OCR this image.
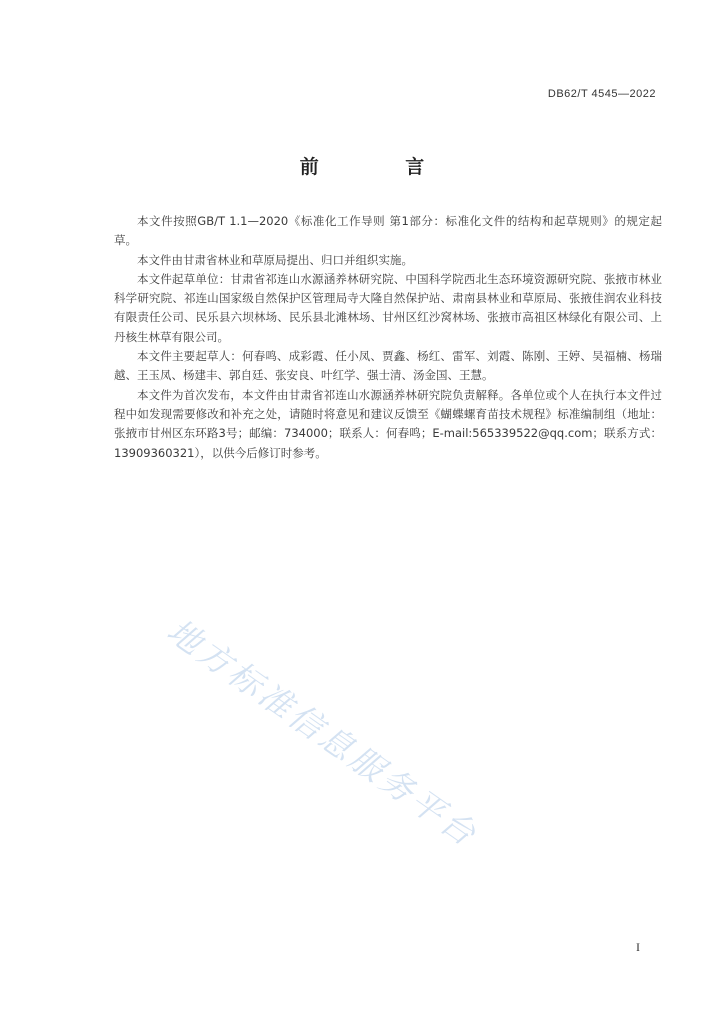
DB62/T 4545—2022
前 言

本文件按照GB/T 1.1—2020《标准化工作导则 第1部分：标准化文件的结构和起草规则》的规定起草。

本文件由甘肃省林业和草原局提出、归口并组织实施。

本文件起草单位：甘肃省祁连山水源涵养林研究院、中国科学院西北生态环境资源研究院、张掖市林业科学研究院、祁连山国家级自然保护区管理局寺大隆自然保护站、肃南县林业和草原局、张掖佳润农业科技有限责任公司、民乐县六坝林场、民乐县北滩林场、甘州区红沙窝林场、张掖市高祖区林绿化有限公司、上丹核生林草有限公司。

本文件主要起草人：何春鸣、成彩霞、任小凤、贾鑫、杨红、雷军、刘霞、陈刚、王婷、吴福楠、杨瑞越、王玉凤、杨建丰、郭自廷、张安良、叶红学、强士清、汤金国、王慧。

本文件为首次发布，本文件由甘肃省祁连山水源涵养林研究院负责解释。各单位或个人在执行本文件过程中如发现需要修改和补充之处，请随时将意见和建议反馈至《蝴蝶螺育苗技术规程》标准编制组（地址：张掖市甘州区东环路3号；邮编：734000；联系人：何春鸣；E-mail:565339522@qq.com；联系方式：13909360321），以供今后修订时参考。

地方标准信息服务平台
I
